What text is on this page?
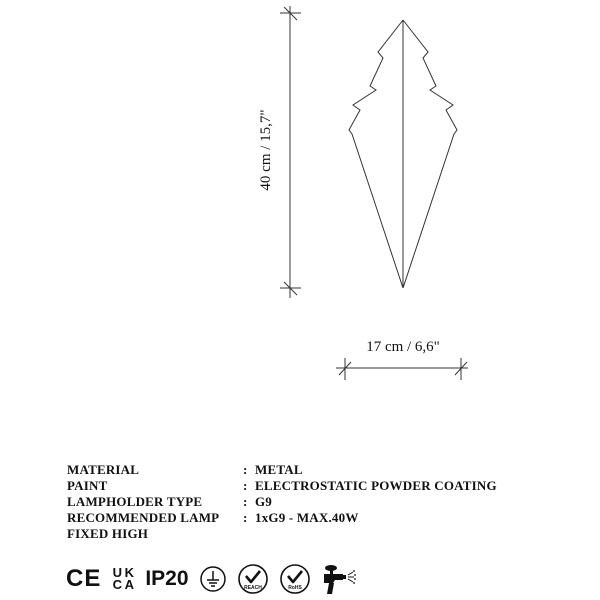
40 cm / 15,7"
17 cm / 6,6"
MATERIAL	: METAL
PAINT	: ELECTROSTATIC POWDER COATING
LAMPHOLDER TYPE	: G9
RECOMMENDED LAMP	: 1xG9 - MAX.40W
FIXED HIGH
CE U K
C A IP20	REACH	RoHS
